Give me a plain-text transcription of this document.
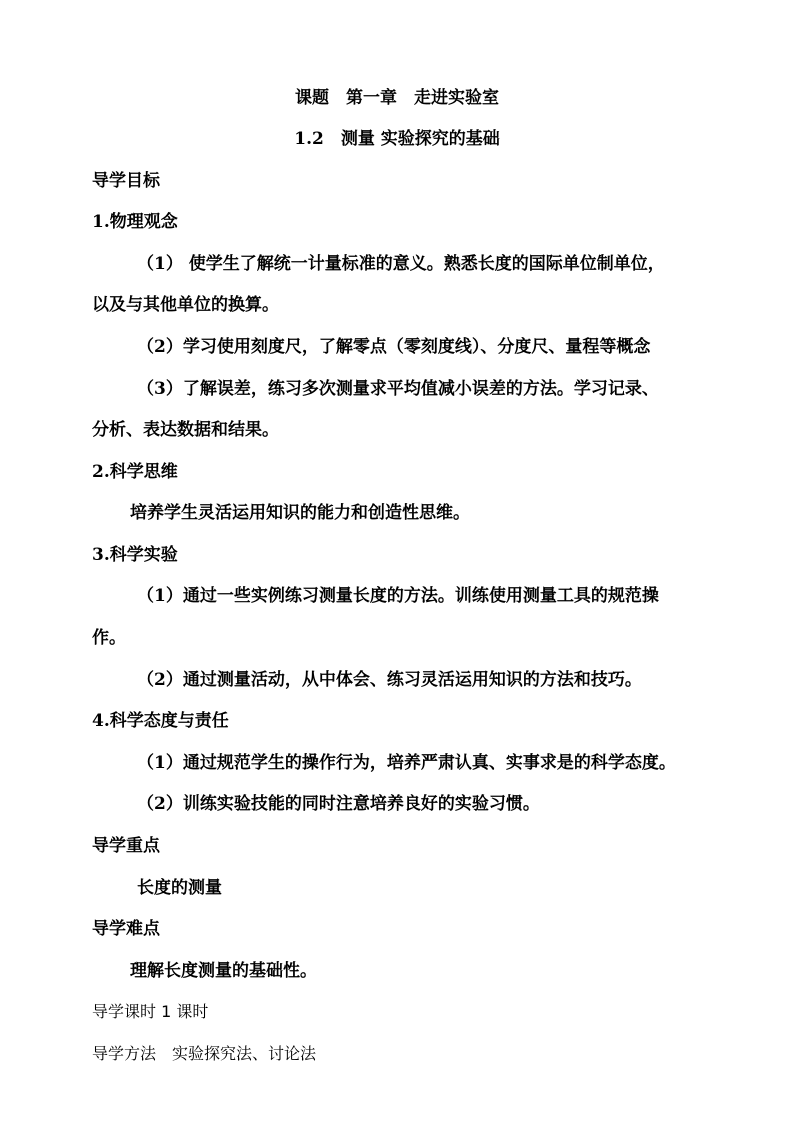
课题　第一章　走进实验室
1.2　测量 实验探究的基础
导学目标
1.物理观念
（1） 使学生了解统一计量标准的意义。熟悉长度的国际单位制单位，
以及与其他单位的换算。
（2）学习使用刻度尺，了解零点（零刻度线）、分度尺、量程等概念
（3）了解误差，练习多次测量求平均值减小误差的方法。学习记录、
分析、表达数据和结果。
2.科学思维
培养学生灵活运用知识的能力和创造性思维。
3.科学实验
（1）通过一些实例练习测量长度的方法。训练使用测量工具的规范操
作。
（2）通过测量活动，从中体会、练习灵活运用知识的方法和技巧。
4.科学态度与责任
（1）通过规范学生的操作行为，培养严肃认真、实事求是的科学态度。
（2）训练实验技能的同时注意培养良好的实验习惯。
导学重点
长度的测量
导学难点
理解长度测量的基础性。
导学课时 1 课时
导学方法　实验探究法、讨论法
